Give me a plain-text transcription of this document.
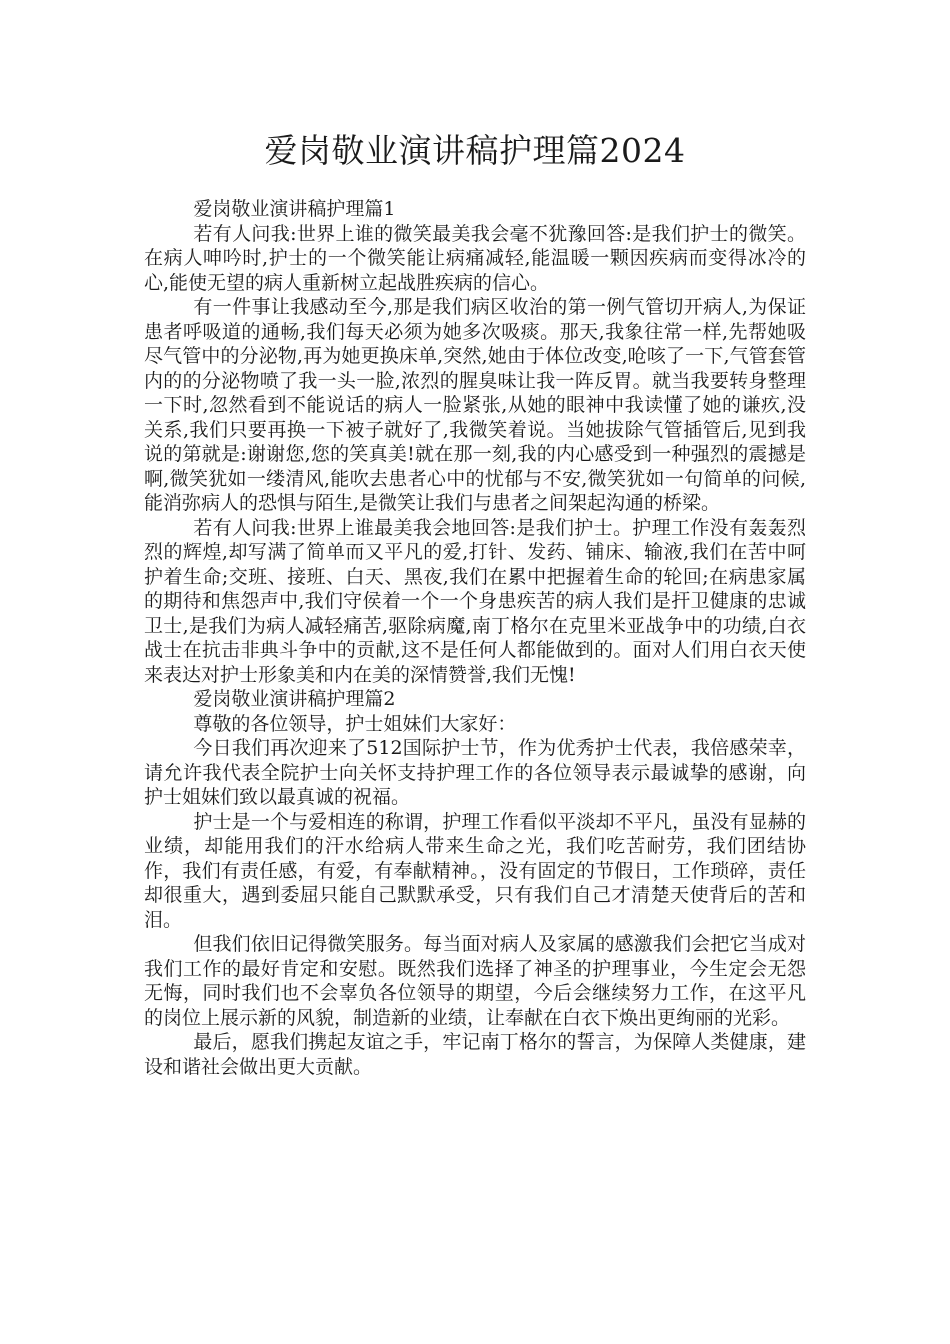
爱岗敬业演讲稿护理篇2024

爱岗敬业演讲稿护理篇1

若有人问我:世界上谁的微笑最美我会毫不犹豫回答:是我们护士的微笑。在病人呻吟时,护士的一个微笑能让病痛减轻,能温暖一颗因疾病而变得冰冷的心,能使无望的病人重新树立起战胜疾病的信心。

有一件事让我感动至今,那是我们病区收治的第一例气管切开病人,为保证患者呼吸道的通畅,我们每天必须为她多次吸痰。那天,我象往常一样,先帮她吸尽气管中的分泌物,再为她更换床单,突然,她由于体位改变,呛咳了一下,气管套管内的的分泌物喷了我一头一脸,浓烈的腥臭味让我一阵反胃。就当我要转身整理一下时,忽然看到不能说话的病人一脸紧张,从她的眼神中我读懂了她的谦疚,没关系,我们只要再换一下被子就好了,我微笑着说。当她拔除气管插管后,见到我说的第就是:谢谢您,您的笑真美!就在那一刻,我的内心感受到一种强烈的震撼是啊,微笑犹如一缕清风,能吹去患者心中的忧郁与不安,微笑犹如一句简单的问候,能消弥病人的恐惧与陌生,是微笑让我们与患者之间架起沟通的桥梁。

若有人问我:世界上谁最美我会地回答:是我们护士。护理工作没有轰轰烈烈的辉煌,却写满了简单而又平凡的爱,打针、发药、铺床、输液,我们在苦中呵护着生命;交班、接班、白天、黑夜,我们在累中把握着生命的轮回;在病患家属的期待和焦怨声中,我们守侯着一个一个身患疾苦的病人我们是扞卫健康的忠诚卫士,是我们为病人减轻痛苦,驱除病魔,南丁格尔在克里米亚战争中的功绩,白衣战士在抗击非典斗争中的贡献,这不是任何人都能做到的。面对人们用白衣天使来表达对护士形象美和内在美的深情赞誉,我们无愧!

爱岗敬业演讲稿护理篇2

尊敬的各位领导，护士姐妹们大家好：

今日我们再次迎来了512国际护士节，作为优秀护士代表，我倍感荣幸，请允许我代表全院护士向关怀支持护理工作的各位领导表示最诚挚的感谢，向护士姐妹们致以最真诚的祝福。

护士是一个与爱相连的称谓，护理工作看似平淡却不平凡，虽没有显赫的业绩，却能用我们的汗水给病人带来生命之光，我们吃苦耐劳，我们团结协作，我们有责任感，有爱，有奉献精神。，没有固定的节假日，工作琐碎，责任却很重大，遇到委屈只能自己默默承受，只有我们自己才清楚天使背后的苦和泪。

但我们依旧记得微笑服务。每当面对病人及家属的感激我们会把它当成对我们工作的最好肯定和安慰。既然我们选择了神圣的护理事业，今生定会无怨无悔，同时我们也不会辜负各位领导的期望，今后会继续努力工作，在这平凡的岗位上展示新的风貌，制造新的业绩，让奉献在白衣下焕出更绚丽的光彩。

最后，愿我们携起友谊之手，牢记南丁格尔的誓言，为保障人类健康，建设和谐社会做出更大贡献。
